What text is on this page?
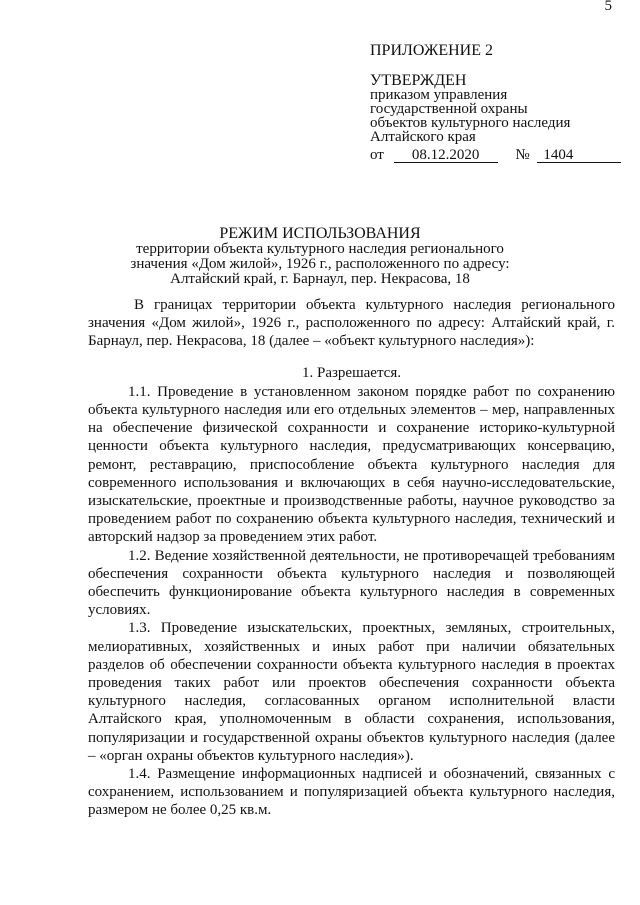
5
ПРИЛОЖЕНИЕ 2
УТВЕРЖДЕН
приказом управления
государственной охраны
объектов культурного наследия
Алтайского края
от 08.12.2020 № 1404
РЕЖИМ ИСПОЛЬЗОВАНИЯ
территории объекта культурного наследия регионального
значения «Дом жилой», 1926 г., расположенного по адресу:
Алтайский край, г. Барнаул, пер. Некрасова, 18

В границах территории объекта культурного наследия регионального значения «Дом жилой», 1926 г., расположенного по адресу: Алтайский край, г. Барнаул, пер. Некрасова, 18 (далее – «объект культурного наследия»):

1. Разрешается.

1.1. Проведение в установленном законом порядке работ по сохранению объекта культурного наследия или его отдельных элементов – мер, направленных на обеспечение физической сохранности и сохранение историко-культурной ценности объекта культурного наследия, предусматривающих консервацию, ремонт, реставрацию, приспособление объекта культурного наследия для современного использования и включающих в себя научно-исследовательские, изыскательские, проектные и производственные работы, научное руководство за проведением работ по сохранению объекта культурного наследия, технический и авторский надзор за проведением этих работ.

1.2. Ведение хозяйственной деятельности, не противоречащей требованиям обеспечения сохранности объекта культурного наследия и позволяющей обеспечить функционирование объекта культурного наследия в современных условиях.

1.3. Проведение изыскательских, проектных, земляных, строительных, мелиоративных, хозяйственных и иных работ при наличии обязательных разделов об обеспечении сохранности объекта культурного наследия в проектах проведения таких работ или проектов обеспечения сохранности объекта культурного наследия, согласованных органом исполнительной власти Алтайского края, уполномоченным в области сохранения, использования, популяризации и государственной охраны объектов культурного наследия (далее – «орган охраны объектов культурного наследия»).

1.4. Размещение информационных надписей и обозначений, связанных с сохранением, использованием и популяризацией объекта культурного наследия, размером не более 0,25 кв.м.
